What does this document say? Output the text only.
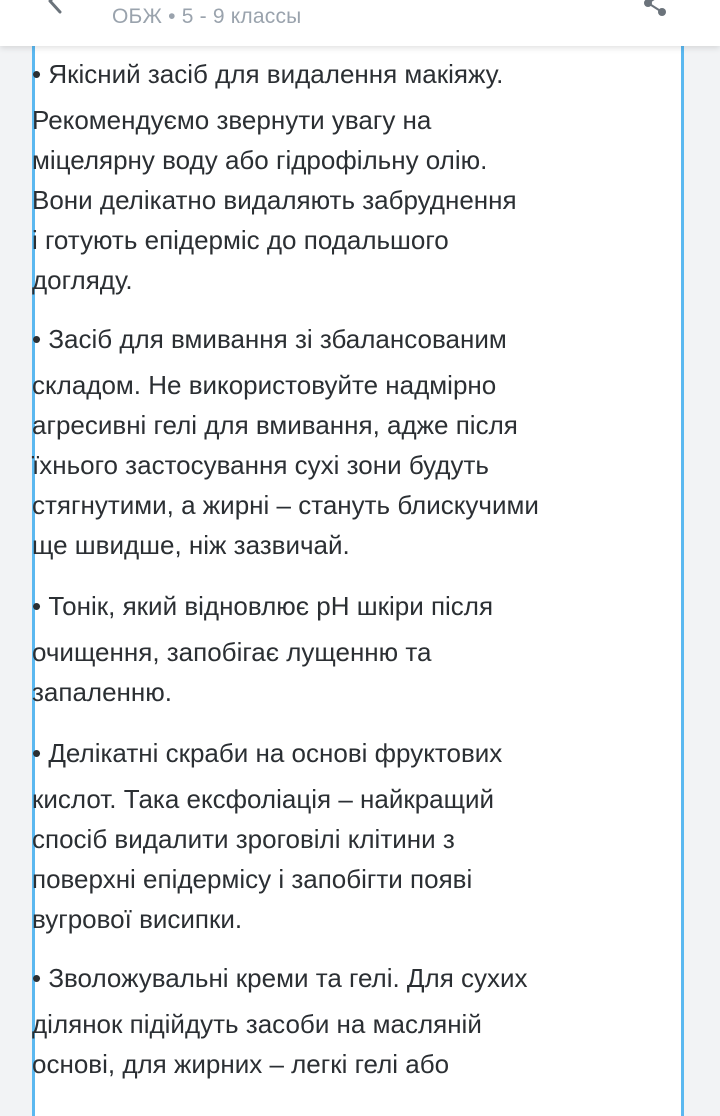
ОБЖ • 5 - 9 классы

• Якісний засіб для видалення макіяжу.
Рекомендуємо звернути увагу на
міцелярну воду або гідрофільну олію.
Вони делікатно видаляють забруднення
і готують епідерміс до подальшого
догляду.

• Засіб для вмивання зі збалансованим
складом. Не використовуйте надмірно
агресивні гелі для вмивання, адже після
їхнього застосування сухі зони будуть
стягнутими, а жирні – стануть блискучими
ще швидше, ніж зазвичай.

• Тонік, який відновлює pH шкіри після
очищення, запобігає лущенню та
запаленню.

• Делікатні скраби на основі фруктових
кислот. Така ексфоліація – найкращий
спосіб видалити зроговілі клітини з
поверхні епідермісу і запобігти появі
вугрової висипки.

• Зволожувальні креми та гелі. Для сухих
ділянок підійдуть засоби на масляній
основі, для жирних – легкі гелі або
